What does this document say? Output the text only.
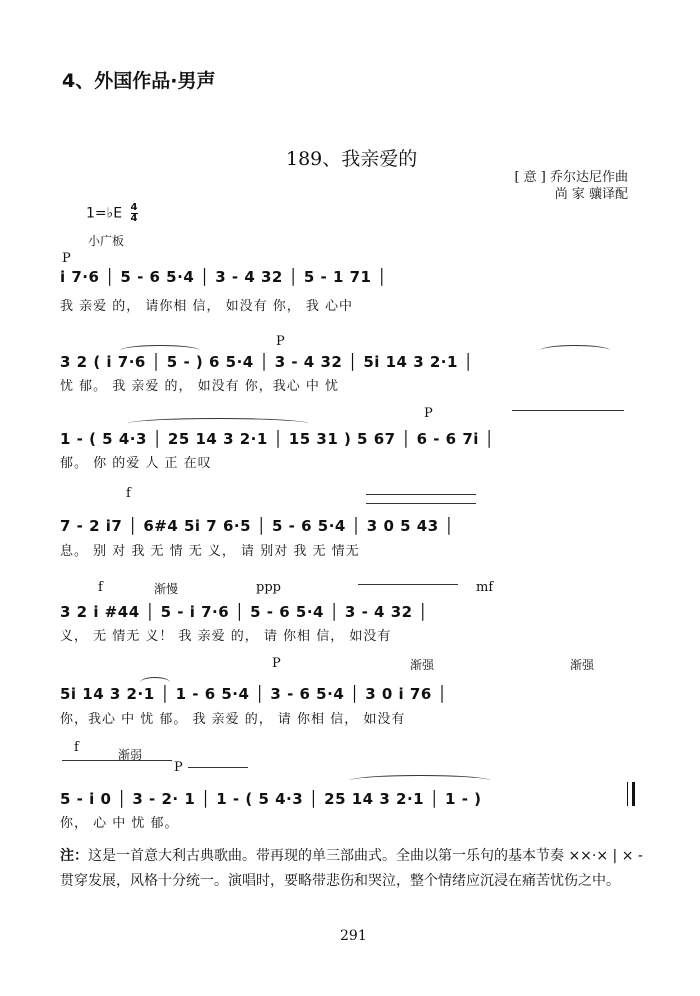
4、外国作品·男声
189、我亲爱的
[ 意 ] 乔尔达尼作曲
尚 家 骧译配
1=♭E $\frac{4}{4}$
小广板
P
i 7·6 │ 5 - 6 5·4 │ 3 - 4 32 │ 5 - 1 71 │
我 亲爱 的， 请你相 信， 如没有 你， 我 心中
P
3 2 ( i 7·6 │ 5 - ) 6 5·4 │ 3 - 4 32 │ 5i 14 3 2·1 │
忧 郁。 我 亲爱 的， 如没有 你，我心 中 忧
P
1 - ( 5 4·3 │ 25 14 3 2·1 │ 15 31 ) 5 67 │ 6 - 6 7i │
郁。 你 的爱 人 正 在叹
f
7 - 2 i7 │ 6#4 5i 7 6·5 │ 5 - 6 5·4 │ 3 0 5 43 │
息。 别 对 我 无 情 无 义， 请 别对 我 无 情无
f	渐慢	ppp	mf
3 2 i #44 │ 5 - i 7·6 │ 5 - 6 5·4 │ 3 - 4 32 │
义， 无 情无 义！ 我 亲爱 的， 请 你相 信， 如没有
P	渐强	渐强
5i 14 3 2·1 │ 1 - 6 5·4 │ 3 - 6 5·4 │ 3 0 i 76 │
你，我心 中 忧 郁。 我 亲爱 的， 请 你相 信， 如没有
f	渐弱
P
5 - i 0 │ 3 - 2· 1 │ 1 - ( 5 4·3 │ 25 14 3 2·1 │ 1 - )
你， 心 中 忧 郁。
注：这是一首意大利古典歌曲。带再现的单三部曲式。全曲以第一乐句的基本节奏 ××·× | × - 贯穿发展，风格十分统一。演唱时，要略带悲伤和哭泣，整个情绪应沉浸在痛苦忧伤之中。
291
